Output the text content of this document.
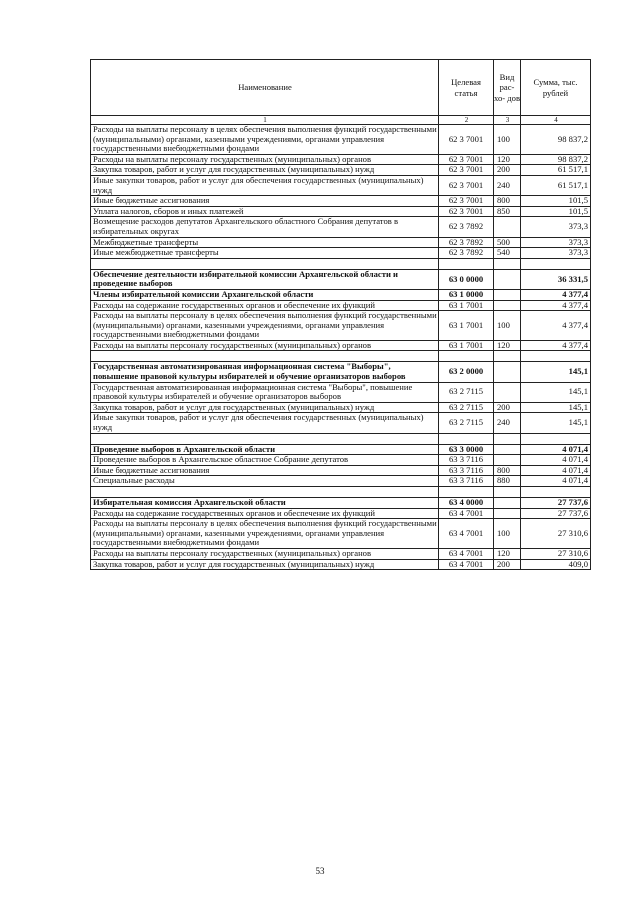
Наименование	Целевая статья	Вид рас- хо- дов	Сумма, тыс. рублей
1	2	3	4
Расходы на выплаты персоналу в целях обеспечения выполнения функций государственными (муниципальными) органами, казенными учреждениями, органами управления государственными внебюджетными фондами	62 3 7001	100	98 837,2
Расходы на выплаты персоналу государственных (муниципальных) органов	62 3 7001	120	98 837,2
Закупка товаров, работ и услуг для государственных (муниципальных) нужд	62 3 7001	200	61 517,1
Иные закупки товаров, работ и услуг для обеспечения государственных (муниципальных) нужд	62 3 7001	240	61 517,1
Иные бюджетные ассигнования	62 3 7001	800	101,5
Уплата налогов, сборов и иных платежей	62 3 7001	850	101,5
Возмещение расходов депутатов Архангельского областного Собрания депутатов в избирательных округах	62 3 7892		373,3
Межбюджетные трансферты	62 3 7892	500	373,3
Иные межбюджетные трансферты	62 3 7892	540	373,3

Обеспечение деятельности избирательной комиссии Архангельской области и проведение выборов	63 0 0000		36 331,5
Члены избирательной комиссии Архангельской области	63 1 0000		4 377,4
Расходы на содержание государственных органов и обеспечение их функций	63 1 7001		4 377,4
Расходы на выплаты персоналу в целях обеспечения выполнения функций государственными (муниципальными) органами, казенными учреждениями, органами управления государственными внебюджетными фондами	63 1 7001	100	4 377,4
Расходы на выплаты персоналу государственных (муниципальных) органов	63 1 7001	120	4 377,4

Государственная автоматизированная информационная система "Выборы", повышение правовой культуры избирателей и обучение организаторов выборов	63 2 0000		145,1
Государственная автоматизированная информационная система "Выборы", повышение правовой культуры избирателей и обучение организаторов выборов	63 2 7115		145,1
Закупка товаров, работ и услуг для государственных (муниципальных) нужд	63 2 7115	200	145,1
Иные закупки товаров, работ и услуг для обеспечения государственных (муниципальных) нужд	63 2 7115	240	145,1

Проведение выборов в Архангельской области	63 3 0000		4 071,4
Проведение выборов в Архангельское областное Собрание депутатов	63 3 7116		4 071,4
Иные бюджетные ассигнования	63 3 7116	800	4 071,4
Специальные расходы	63 3 7116	880	4 071,4

Избирательная комиссия Архангельской области	63 4 0000		27 737,6
Расходы на содержание государственных органов и обеспечение их функций	63 4 7001		27 737,6
Расходы на выплаты персоналу в целях обеспечения выполнения функций государственными (муниципальными) органами, казенными учреждениями, органами управления государственными внебюджетными фондами	63 4 7001	100	27 310,6
Расходы на выплаты персоналу государственных (муниципальных) органов	63 4 7001	120	27 310,6
Закупка товаров, работ и услуг для государственных (муниципальных) нужд	63 4 7001	200	409,0
53
